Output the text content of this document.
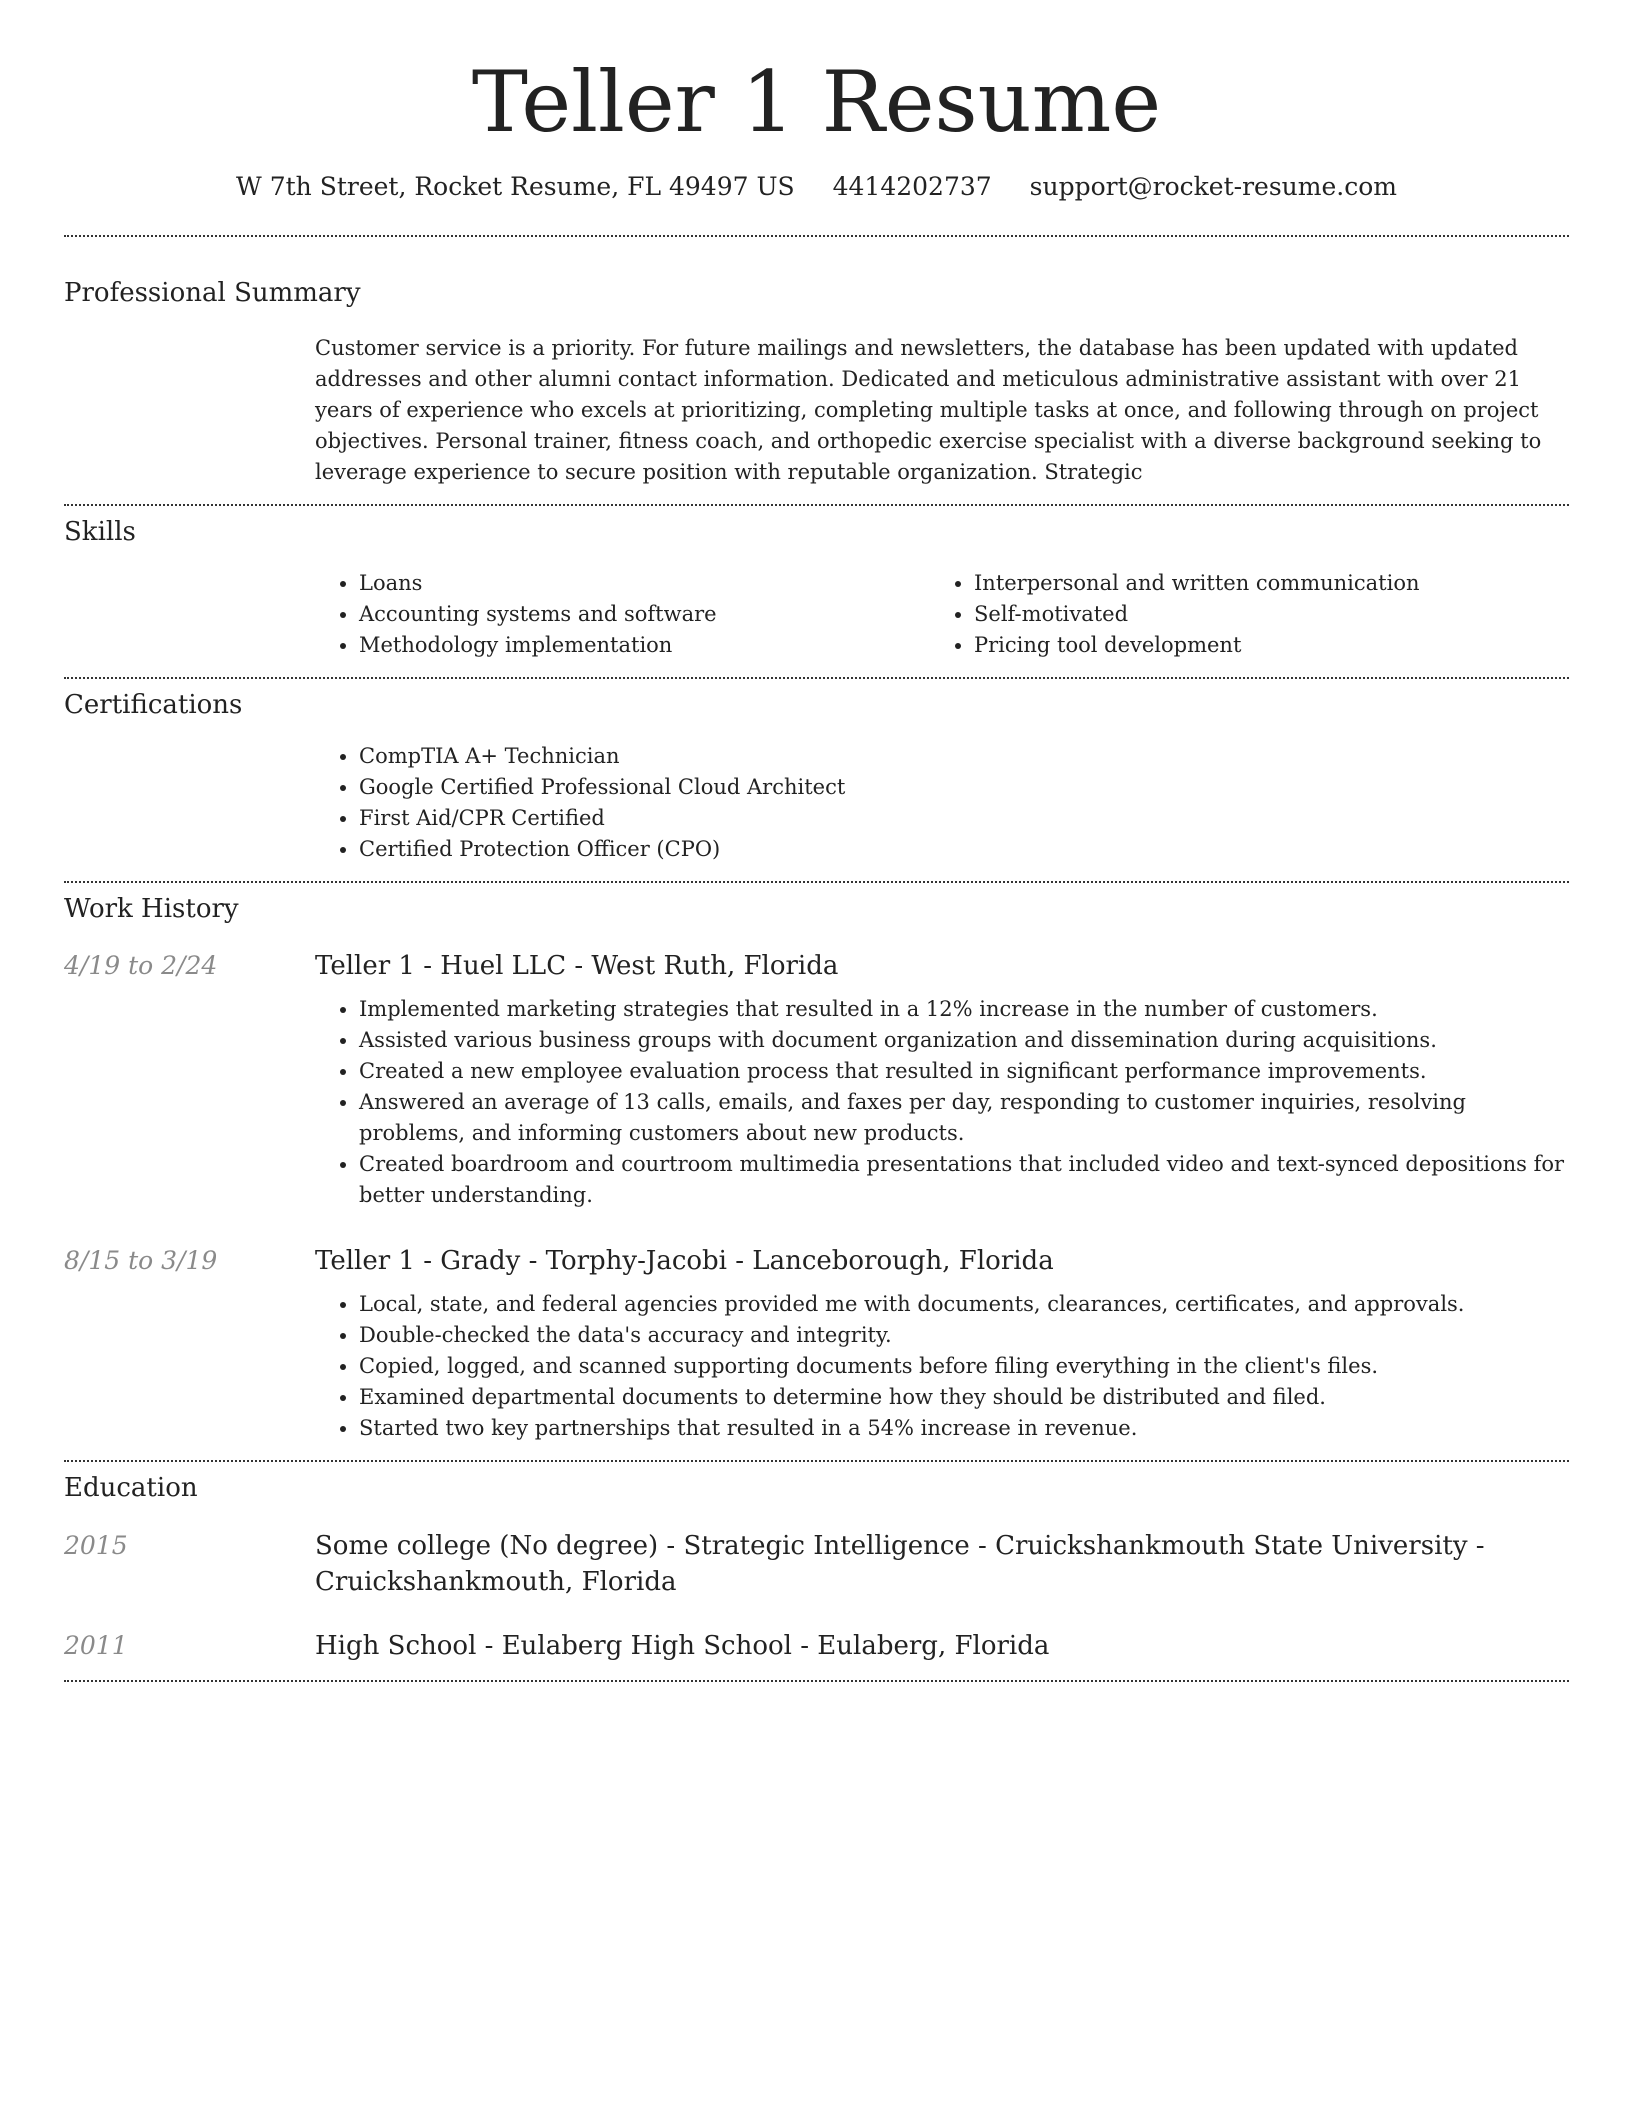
Teller 1 Resume
W 7th Street, Rocket Resume, FL 49497 US 4414202737 support@rocket-resume.com
Professional Summary
Customer service is a priority. For future mailings and newsletters, the database has been updated with updated addresses and other alumni contact information. Dedicated and meticulous administrative assistant with over 21 years of experience who excels at prioritizing, completing multiple tasks at once, and following through on project objectives. Personal trainer, fitness coach, and orthopedic exercise specialist with a diverse background seeking to leverage experience to secure position with reputable organization. Strategic
Skills
• Loans
• Accounting systems and software
• Methodology implementation
• Interpersonal and written communication
• Self-motivated
• Pricing tool development
Certifications
• CompTIA A+ Technician
• Google Certified Professional Cloud Architect
• First Aid/CPR Certified
• Certified Protection Officer (CPO)
Work History
4/19 to 2/24	Teller 1 - Huel LLC - West Ruth, Florida
• Implemented marketing strategies that resulted in a 12% increase in the number of customers.
• Assisted various business groups with document organization and dissemination during acquisitions.
• Created a new employee evaluation process that resulted in significant performance improvements.
• Answered an average of 13 calls, emails, and faxes per day, responding to customer inquiries, resolving problems, and informing customers about new products.
• Created boardroom and courtroom multimedia presentations that included video and text-synced depositions for better understanding.
8/15 to 3/19	Teller 1 - Grady - Torphy-Jacobi - Lanceborough, Florida
• Local, state, and federal agencies provided me with documents, clearances, certificates, and approvals.
• Double-checked the data's accuracy and integrity.
• Copied, logged, and scanned supporting documents before filing everything in the client's files.
• Examined departmental documents to determine how they should be distributed and filed.
• Started two key partnerships that resulted in a 54% increase in revenue.
Education
2015	Some college (No degree) - Strategic Intelligence - Cruickshankmouth State University - Cruickshankmouth, Florida
2011	High School - Eulaberg High School - Eulaberg, Florida
